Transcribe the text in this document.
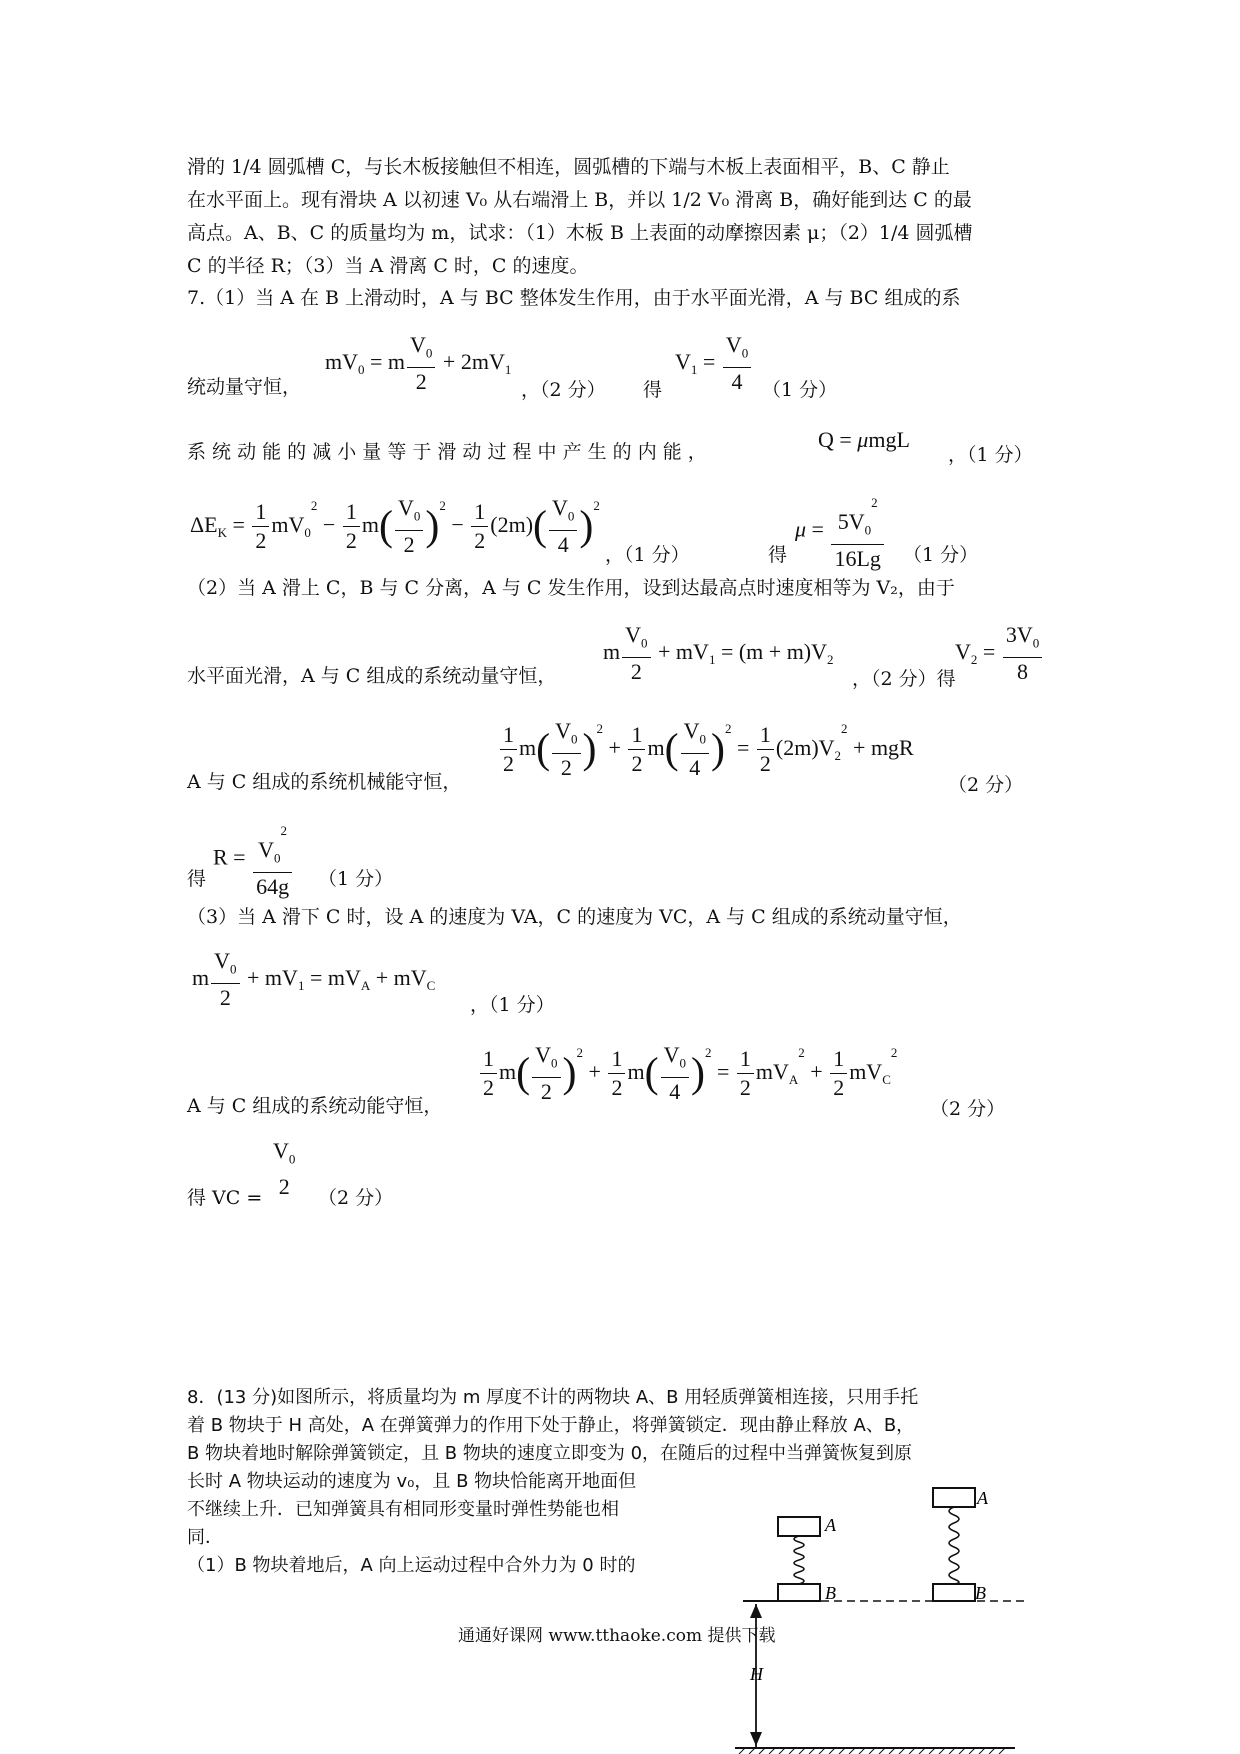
滑的 1/4 圆弧槽 C，与长木板接触但不相连，圆弧槽的下端与木板上表面相平，B、C 静止
在水平面上。现有滑块 A 以初速 V₀ 从右端滑上 B，并以 1/2 V₀ 滑离 B，确好能到达 C 的最
高点。A、B、C 的质量均为 m，试求：（1）木板 B 上表面的动摩擦因素 μ；（2）1/4 圆弧槽
C 的半径 R；（3）当 A 滑离 C 时，C 的速度。
7.（1）当 A 在 B 上滑动时，A 与 BC 整体发生作用，由于水平面光滑，A 与 BC 组成的系
统动量守恒，
$mV_0 = m \frac{V_0}{2} + 2mV_1$
，（2 分） 得
$V_1 = \frac{V_0}{4} (1$ 分）
系 统 动 能 的 减 小 量 等 于 滑 动 过 程 中 产 生 的 内 能 ，	Q = μmgL
，（1 分）
$\Delta E_K = \frac{1}{2} mV_0^2 - \frac{1}{2} m( \frac{V_0}{2} )^2 - \frac{1}{2} (2m)( \frac{V_0}{4} )^2$
，（1 分）	得
$\mu = \frac{5V_0^2}{16Lg} (1$ 分）
（2）当 A 滑上 C，B 与 C 分离，A 与 C 发生作用，设到达最高点时速度相等为 V₂，由于
水平面光滑，A 与 C 组成的系统动量守恒，
m $\frac{V_0}{2} + mV_1 = (m + m)V_2$
，（2 分）得
$V_2 = \frac{3V_0}{8}$
A 与 C 组成的系统机械能守恒，
$\frac{1}{2} m( \frac{V_0}{2} )^2 + \frac{1}{2} m( \frac{V_0}{4} )^2 = \frac{1}{2} (2m)V_2^2$ + mgR
（2 分）
得
$R = \frac{V_0^2}{64g} (1$ 分）
（3）当 A 滑下 C 时，设 A 的速度为 VA，C 的速度为 VC，A 与 C 组成的系统动量守恒，
m $\frac{V_0}{2} + mV_1 = mV_A + mV_C$
，（1 分）
A 与 C 组成的系统动能守恒，
$\frac{1}{2} m( \frac{V_0}{2} )^2 + \frac{1}{2} m( \frac{V_0}{4} )^2 = \frac{1}{2} mV_A^2 + \frac{1}{2} mV_C^2$
（2 分）
得 VC =
$V_0$
2	（2 分）
8．(13 分)如图所示，将质量均为 m 厚度不计的两物块 A、B 用轻质弹簧相连接，只用手托
着 B 物块于 H 高处，A 在弹簧弹力的作用下处于静止，将弹簧锁定．现由静止释放 A、B，
B 物块着地时解除弹簧锁定，且 B 物块的速度立即变为 0，在随后的过程中当弹簧恢复到原
长时 A 物块运动的速度为 v₀，且 B 物块恰能离开地面但
不继续上升．已知弹簧具有相同形变量时弹性势能也相
同．
（1）B 物块着地后，A 向上运动过程中合外力为 0 时的
A
B
A
B
H
通通好课网 www.tthaoke.com 提供下载
